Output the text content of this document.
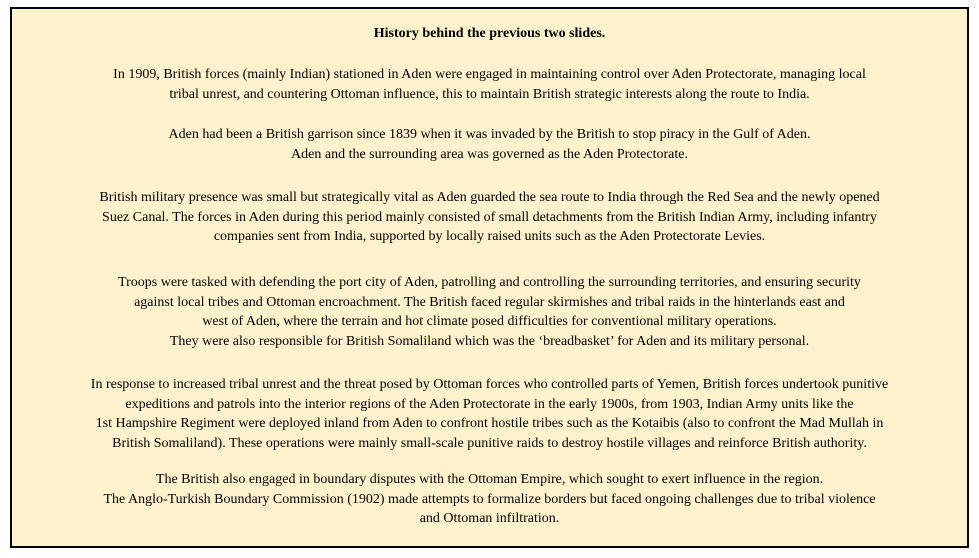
History behind the previous two slides.

In 1909, British forces (mainly Indian) stationed in Aden were engaged in maintaining control over Aden Protectorate, managing local
tribal unrest, and countering Ottoman influence, this to maintain British strategic interests along the route to India.

Aden had been a British garrison since 1839 when it was invaded by the British to stop piracy in the Gulf of Aden.
Aden and the surrounding area was governed as the Aden Protectorate.

British military presence was small but strategically vital as Aden guarded the sea route to India through the Red Sea and the newly opened
Suez Canal. The forces in Aden during this period mainly consisted of small detachments from the British Indian Army, including infantry
companies sent from India, supported by locally raised units such as the Aden Protectorate Levies.

Troops were tasked with defending the port city of Aden, patrolling and controlling the surrounding territories, and ensuring security
against local tribes and Ottoman encroachment. The British faced regular skirmishes and tribal raids in the hinterlands east and
west of Aden, where the terrain and hot climate posed difficulties for conventional military operations.
They were also responsible for British Somaliland which was the ‘breadbasket’ for Aden and its military personal.

In response to increased tribal unrest and the threat posed by Ottoman forces who controlled parts of Yemen, British forces undertook punitive
expeditions and patrols into the interior regions of the Aden Protectorate in the early 1900s, from 1903, Indian Army units like the
1st Hampshire Regiment were deployed inland from Aden to confront hostile tribes such as the Kotaibis (also to confront the Mad Mullah in
British Somaliland). These operations were mainly small-scale punitive raids to destroy hostile villages and reinforce British authority.

The British also engaged in boundary disputes with the Ottoman Empire, which sought to exert influence in the region.
The Anglo-Turkish Boundary Commission (1902) made attempts to formalize borders but faced ongoing challenges due to tribal violence
and Ottoman infiltration.
